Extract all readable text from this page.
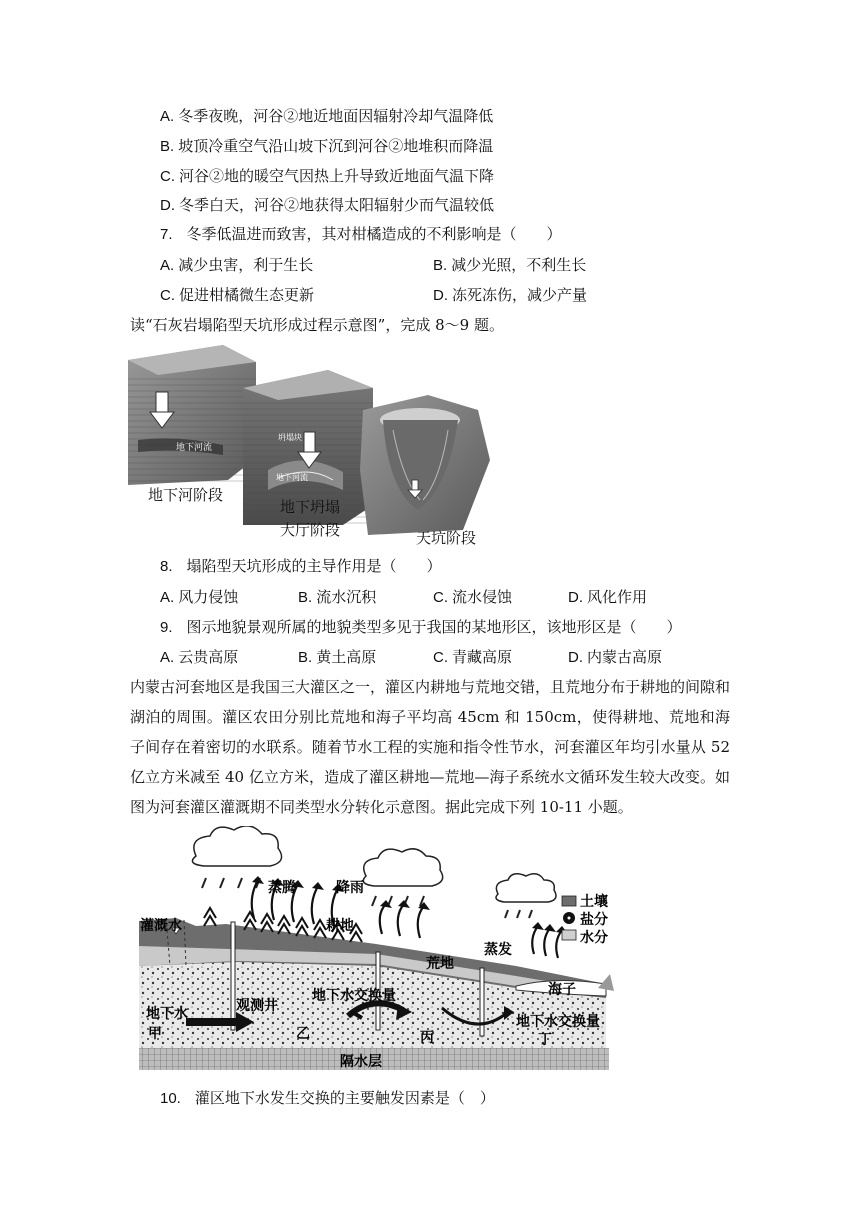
A. 冬季夜晚，河谷②地近地面因辐射冷却气温降低
B. 坡顶冷重空气沿山坡下沉到河谷②地堆积而降温
C. 河谷②地的暖空气因热上升导致近地面气温下降
D. 冬季白天，河谷②地获得太阳辐射少而气温较低
7. 冬季低温进而致害，其对柑橘造成的不利影响是（　　）
A. 减少虫害，利于生长	B. 减少光照，不利生长
C. 促进柑橘微生态更新	D. 冻死冻伤，减少产量
读“石灰岩塌陷型天坑形成过程示意图”，完成 8～9 题。
地下河流
坍塌块
地下河流
地下河阶段
地下坍塌
大厅阶段	天坑阶段
8. 塌陷型天坑形成的主导作用是（　　）
A. 风力侵蚀	B. 流水沉积	C. 流水侵蚀	D. 风化作用
9. 图示地貌景观所属的地貌类型多见于我国的某地形区，该地形区是（　　）
A. 云贵高原	B. 黄土高原	C. 青藏高原	D. 内蒙古高原

内蒙古河套地区是我国三大灌区之一，灌区内耕地与荒地交错，且荒地分布于耕地的间隙和湖泊的周围。灌区农田分别比荒地和海子平均高 45cm 和 150cm，使得耕地、荒地和海子间存在着密切的水联系。随着节水工程的实施和指令性节水，河套灌区年均引水量从 52 亿立方米减至 40 亿立方米，造成了灌区耕地—荒地—海子系统水文循环发生较大改变。如图为河套灌区灌溉期不同类型水分转化示意图。据此完成下列 10-11 小题。

灌溉水
蒸腾	降雨
耕地
荒地
蒸发
海子
观测井
地下水交换量
地下水交换量
地下水
甲	乙	丙	丁
隔水层
土壤
盐分
水分
10. 灌区地下水发生交换的主要触发因素是（　）
